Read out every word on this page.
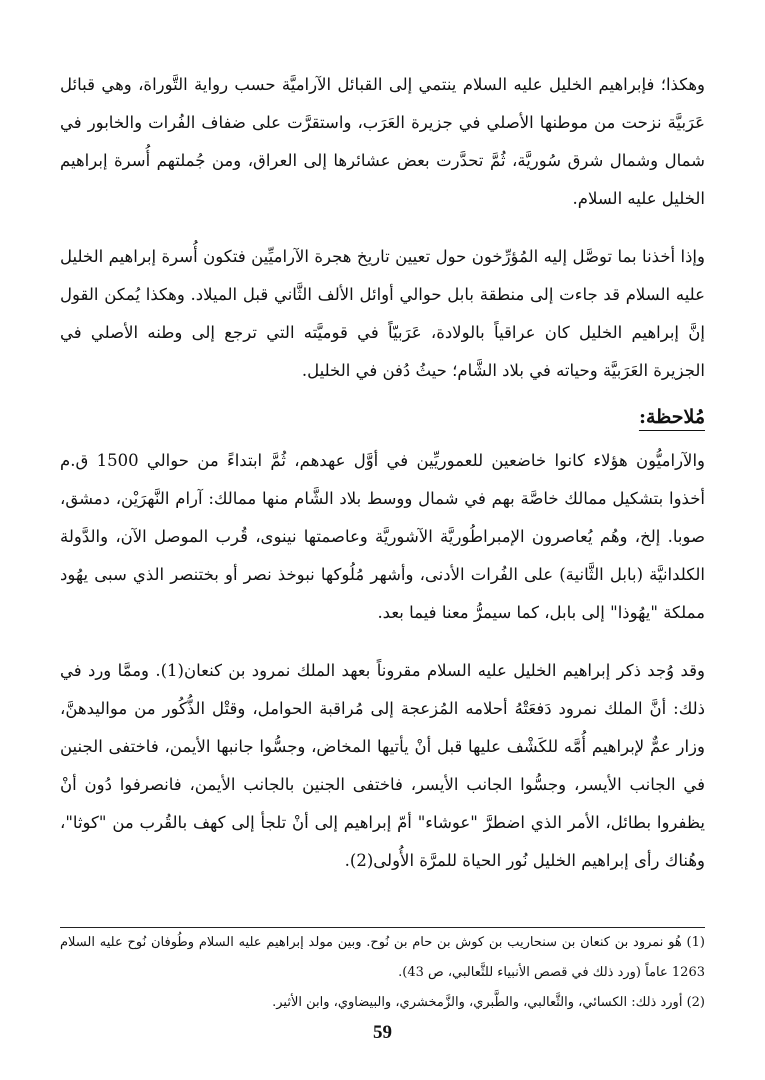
وهكذا؛ فإبراهيم الخليل عليه السلام ينتمي إلى القبائل الآراميَّة حسب رواية التَّوراة، وهي قبائل عَرَبيَّة نزحت من موطنها الأصلي في جزيرة العَرَب، واستقرَّت على ضفاف الفُرات والخابور في شمال وشمال شرق سُوريَّة، ثُمَّ تحدَّرت بعض عشائرها إلى العراق، ومن جُملتهم أُسرة إبراهيم الخليل عليه السلام.

وإذا أخذنا بما توصَّل إليه المُؤرِّخون حول تعيين تاريخ هجرة الآراميِّين فتكون أُسرة إبراهيم الخليل عليه السلام قد جاءت إلى منطقة بابل حوالي أوائل الألف الثَّاني قبل الميلاد. وهكذا يُمكن القول إنَّ إبراهيم الخليل كان عراقياً بالولادة، عَرَبيّاً في قوميَّته التي ترجع إلى وطنه الأصلي في الجزيرة العَرَبيَّة وحياته في بلاد الشَّام؛ حيثُ دُفن في الخليل.

مُلاحظة:

والآراميُّون هؤلاء كانوا خاضعين للعموريِّين في أوَّل عهدهم، ثُمَّ ابتداءً من حوالي 1500 ق.م أخذوا بتشكيل ممالك خاصَّة بهم في شمال ووسط بلاد الشَّام منها ممالك: آرام النَّهرَيْن، دمشق، صوبا. إلخ، وهُم يُعاصرون الإمبراطُوريَّة الآشوريَّة وعاصمتها نينوى، قُرب الموصل الآن، والدَّولة الكلدانيَّة (بابل الثَّانية) على الفُرات الأدنى، وأشهر مُلُوكها نبوخذ نصر أو بختنصر الذي سبى يهُود مملكة "يهُوذا" إلى بابل، كما سيمرُّ معنا فيما بعد.

وقد وُجد ذكر إبراهيم الخليل عليه السلام مقروناً بعهد الملك نمرود بن كنعان(1). وممَّا ورد في ذلك: أنَّ الملك نمرود دَفعَتْهُ أحلامه المُزعجة إلى مُراقبة الحوامل، وقتْل الذُّكُور من مواليدهنَّ، وزار عمٌّ لإبراهيم أُمَّه للكَشْف عليها قبل أنْ يأتيها المخاض، وجسُّوا جانبها الأيمن، فاختفى الجنين في الجانب الأيسر، وجسُّوا الجانب الأيسر، فاختفى الجنين بالجانب الأيمن، فانصرفوا دُون أنْ يظفروا بطائل، الأمر الذي اضطرَّ "عوشاء" أمّ إبراهيم إلى أنْ تلجأ إلى كهف بالقُرب من "كوثا"، وهُناك رأى إبراهيم الخليل نُور الحياة للمرَّة الأُولى(2).

(1) هُو نمرود بن كنعان بن سنحاريب بن كوش بن حام بن نُوح. وبين مولد إبراهيم عليه السلام وطُوفان نُوح عليه السلام 1263 عاماً (ورد ذلك في قصص الأنبياء للثَّعالبي، ص 43).

(2) أورد ذلك: الكسائي، والثَّعالبي، والطَّبري، والزَّمخشري، والبيضاوي، وابن الأثير.

59
